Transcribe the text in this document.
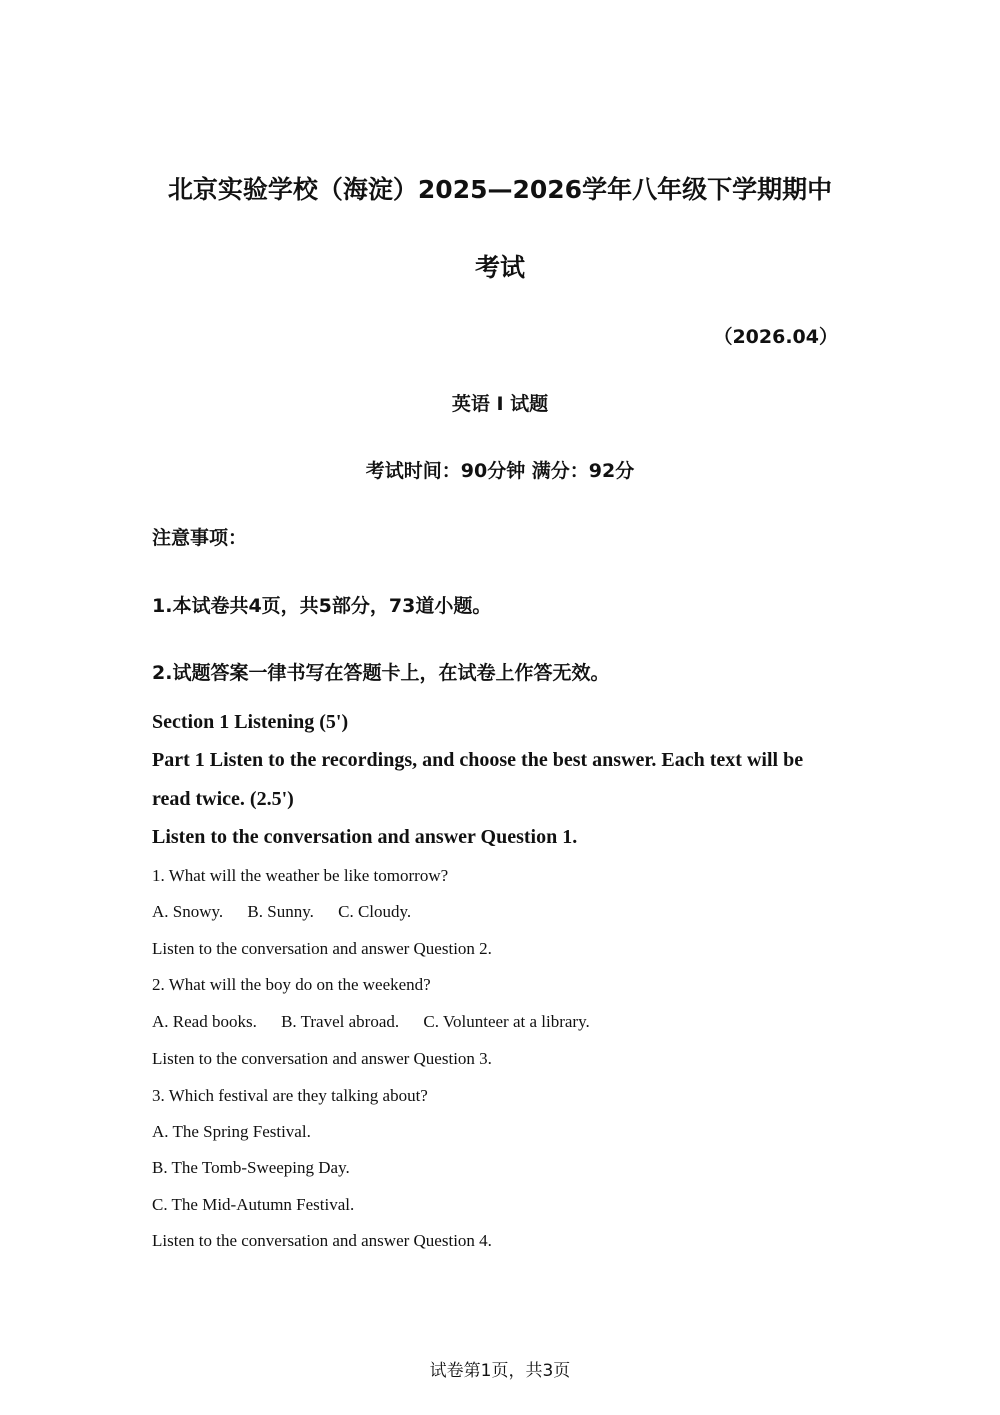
北京实验学校（海淀）2025—2026学年八年级下学期期中
考试
（2026.04）
英语 I 试题
考试时间：90分钟 满分：92分
注意事项：
1.本试卷共4页，共5部分，73道小题。
2.试题答案一律书写在答题卡上，在试卷上作答无效。
Section 1 Listening (5')
Part 1 Listen to the recordings, and choose the best answer. Each text will be
read twice. (2.5')
Listen to the conversation and answer Question 1.
1. What will the weather be like tomorrow?
A. Snowy. B. Sunny. C. Cloudy.
Listen to the conversation and answer Question 2.
2. What will the boy do on the weekend?
A. Read books. B. Travel abroad. C. Volunteer at a library.
Listen to the conversation and answer Question 3.
3. Which festival are they talking about?
A. The Spring Festival.
B. The Tomb-Sweeping Day.
C. The Mid-Autumn Festival.
Listen to the conversation and answer Question 4.
试卷第1页，共3页
